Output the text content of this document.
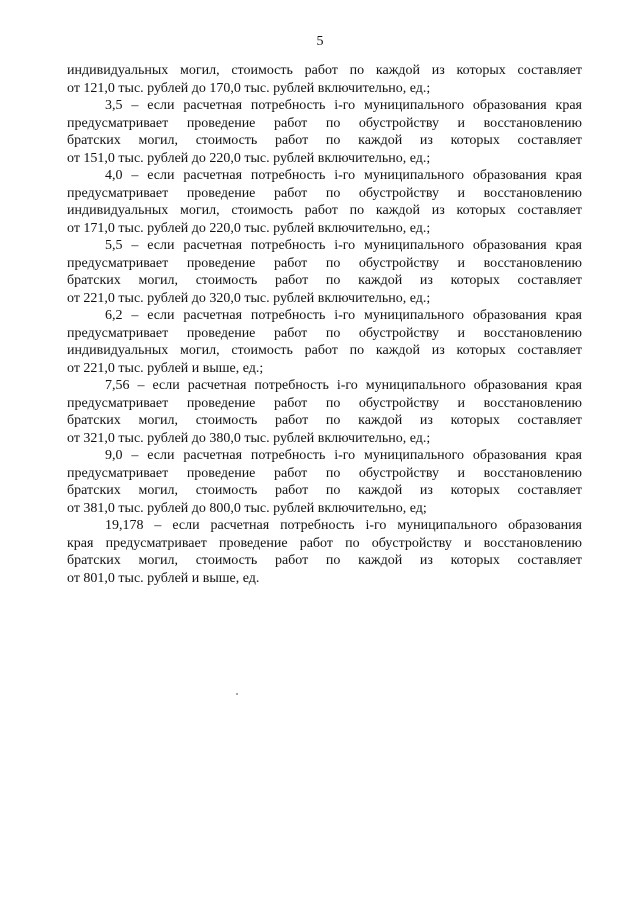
5
индивидуальных могил, стоимость работ по каждой из которых составляет
от 121,0 тыс. рублей до 170,0 тыс. рублей включительно, ед.;
3,5 – если расчетная потребность i-го муниципального образования края
предусматривает проведение работ по обустройству и восстановлению
братских могил, стоимость работ по каждой из которых составляет
от 151,0 тыс. рублей до 220,0 тыс. рублей включительно, ед.;
4,0 – если расчетная потребность i-го муниципального образования края
предусматривает проведение работ по обустройству и восстановлению
индивидуальных могил, стоимость работ по каждой из которых составляет
от 171,0 тыс. рублей до 220,0 тыс. рублей включительно, ед.;
5,5 – если расчетная потребность i-го муниципального образования края
предусматривает проведение работ по обустройству и восстановлению
братских могил, стоимость работ по каждой из которых составляет
от 221,0 тыс. рублей до 320,0 тыс. рублей включительно, ед.;
6,2 – если расчетная потребность i-го муниципального образования края
предусматривает проведение работ по обустройству и восстановлению
индивидуальных могил, стоимость работ по каждой из которых составляет
от 221,0 тыс. рублей и выше, ед.;
7,56 – если расчетная потребность i-го муниципального образования края
предусматривает проведение работ по обустройству и восстановлению
братских могил, стоимость работ по каждой из которых составляет
от 321,0 тыс. рублей до 380,0 тыс. рублей включительно, ед.;
9,0 – если расчетная потребность i-го муниципального образования края
предусматривает проведение работ по обустройству и восстановлению
братских могил, стоимость работ по каждой из которых составляет
от 381,0 тыс. рублей до 800,0 тыс. рублей включительно, ед;
19,178 – если расчетная потребность i-го муниципального образования
края предусматривает проведение работ по обустройству и восстановлению
братских могил, стоимость работ по каждой из которых составляет
от 801,0 тыс. рублей и выше, ед.
